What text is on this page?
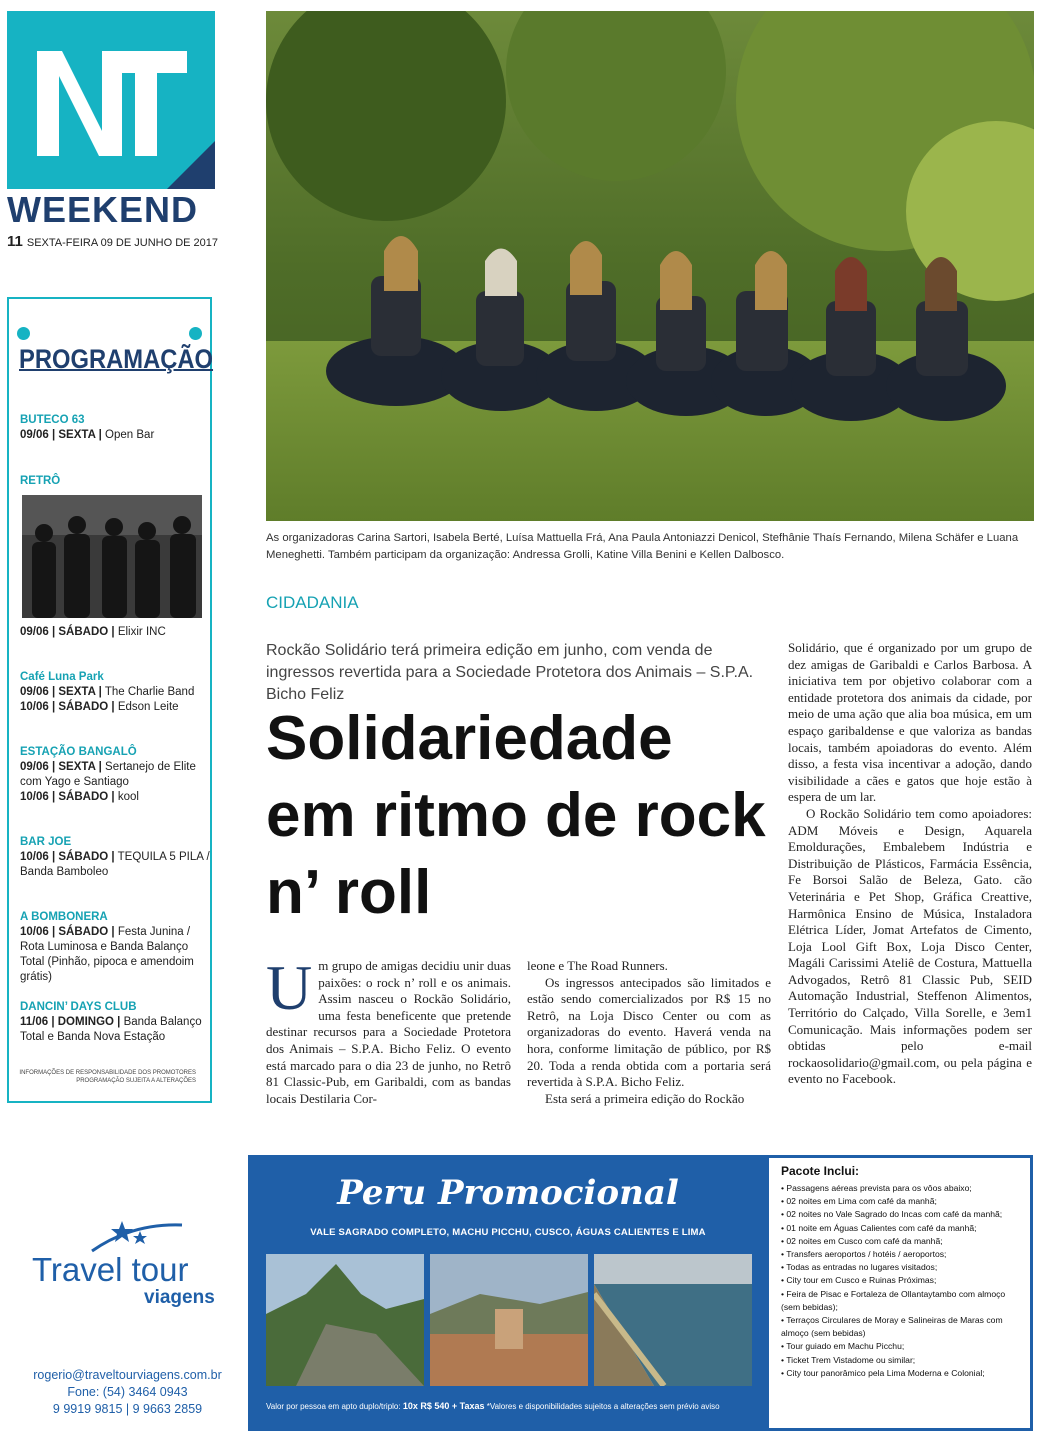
WEEKEND
11 SEXTA-FEIRA 09 DE JUNHO DE 2017
PROGRAMAÇÃO
BUTECO 63
09/06 | SEXTA | Open Bar
RETRÔ
09/06 | SÁBADO | Elixir INC
Café Luna Park
09/06 | SEXTA | The Charlie Band
10/06 | SÁBADO | Edson Leite
ESTAÇÃO BANGALÔ
09/06 | SEXTA | Sertanejo de Elite com Yago e Santiago
10/06 | SÁBADO | kool
BAR JOE
10/06 | SÁBADO | TEQUILA 5 PILA / Banda Bamboleo
A BOMBONERA
10/06 | SÁBADO | Festa Junina / Rota Luminosa e Banda Balanço Total (Pinhão, pipoca e amendoim grátis)
DANCIN’ DAYS CLUB
11/06 | DOMINGO | Banda Balanço Total e Banda Nova Estação
INFORMAÇÕES DE RESPONSABILIDADE DOS PROMOTORES
PROGRAMAÇÃO SUJEITA A ALTERAÇÕES
As organizadoras Carina Sartori, Isabela Berté, Luísa Mattuella Frá, Ana Paula Antoniazzi Denicol, Stefhânie Thaís Fernando, Milena Schäfer e Luana Meneghetti. Também participam da organização: Andressa Grolli, Katine Villa Benini e Kellen Dalbosco.
CIDADANIA
Rockão Solidário terá primeira edição em junho, com venda de ingressos revertida para a Sociedade Protetora dos Animais – S.P.A. Bicho Feliz
Solidariedade em ritmo de rock n’ roll
Um grupo de amigas decidiu unir duas paixões: o rock n’ roll e os animais. Assim nasceu o Rockão Solidário, uma festa beneficente que pretende destinar recursos para a Sociedade Protetora dos Animais – S.P.A. Bicho Feliz. O evento está marcado para o dia 23 de junho, no Retrô 81 Classic-Pub, em Garibaldi, com as bandas locais Destilaria Cor-

leone e The Road Runners.

Os ingressos antecipados são limitados e estão sendo comercializados por R$ 15 no Retrô, na Loja Disco Center ou com as organizadoras do evento. Haverá venda na hora, conforme limitação de público, por R$ 20. Toda a renda obtida com a portaria será revertida à S.P.A. Bicho Feliz.

Esta será a primeira edição do Rockão

Solidário, que é organizado por um grupo de dez amigas de Garibaldi e Carlos Barbosa. A iniciativa tem por objetivo colaborar com a entidade protetora dos animais da cidade, por meio de uma ação que alia boa música, em um espaço garibaldense e que valoriza as bandas locais, também apoiadoras do evento. Além disso, a festa visa incentivar a adoção, dando visibilidade a cães e gatos que hoje estão à espera de um lar.

O Rockão Solidário tem como apoiadores: ADM Móveis e Design, Aquarela Emoldurações, Embalebem Indústria e Distribuição de Plásticos, Farmácia Essência, Fe Borsoi Salão de Beleza, Gato. cão Veterinária e Pet Shop, Gráfica Creattive, Harmônica Ensino de Música, Instaladora Elétrica Líder, Jomat Artefatos de Cimento, Loja Lool Gift Box, Loja Disco Center, Magáli Carissimi Ateliê de Costura, Mattuella Advogados, Retrô 81 Classic Pub, SEID Automação Industrial, Steffenon Alimentos, Território do Calçado, Villa Sorelle, e 3em1 Comunicação. Mais informações podem ser obtidas pelo e-mail rockaosolidario@gmail.com, ou pela página e evento no Facebook.

Travel tour
viagens
rogerio@traveltourviagens.com.br
Fone: (54) 3464 0943
9 9919 9815 | 9 9663 2859
Peru Promocional
VALE SAGRADO COMPLETO, MACHU PICCHU, CUSCO, ÁGUAS CALIENTES E LIMA
Valor por pessoa em apto duplo/triplo: 10x R$ 540 + Taxas *Valores e disponibilidades sujeitos a alterações sem prévio aviso
Pacote Inclui:
• Passagens aéreas prevista para os vôos abaixo;
• 02 noites em Lima com café da manhã;
• 02 noites no Vale Sagrado do Incas com café da manhã;
• 01 noite em Águas Calientes com café da manhã;
• 02 noites em Cusco com café da manhã;
• Transfers aeroportos / hotéis / aeroportos;
• Todas as entradas no lugares visitados;
• City tour em Cusco e Ruinas Próximas;
• Feira de Pisac e Fortaleza de Ollantaytambo com almoço (sem bebidas);
• Terraços Circulares de Moray e Salineiras de Maras com almoço (sem bebidas)
• Tour guiado em Machu Picchu;
• Ticket Trem Vistadome ou similar;
• City tour panorâmico pela Lima Moderna e Colonial;
